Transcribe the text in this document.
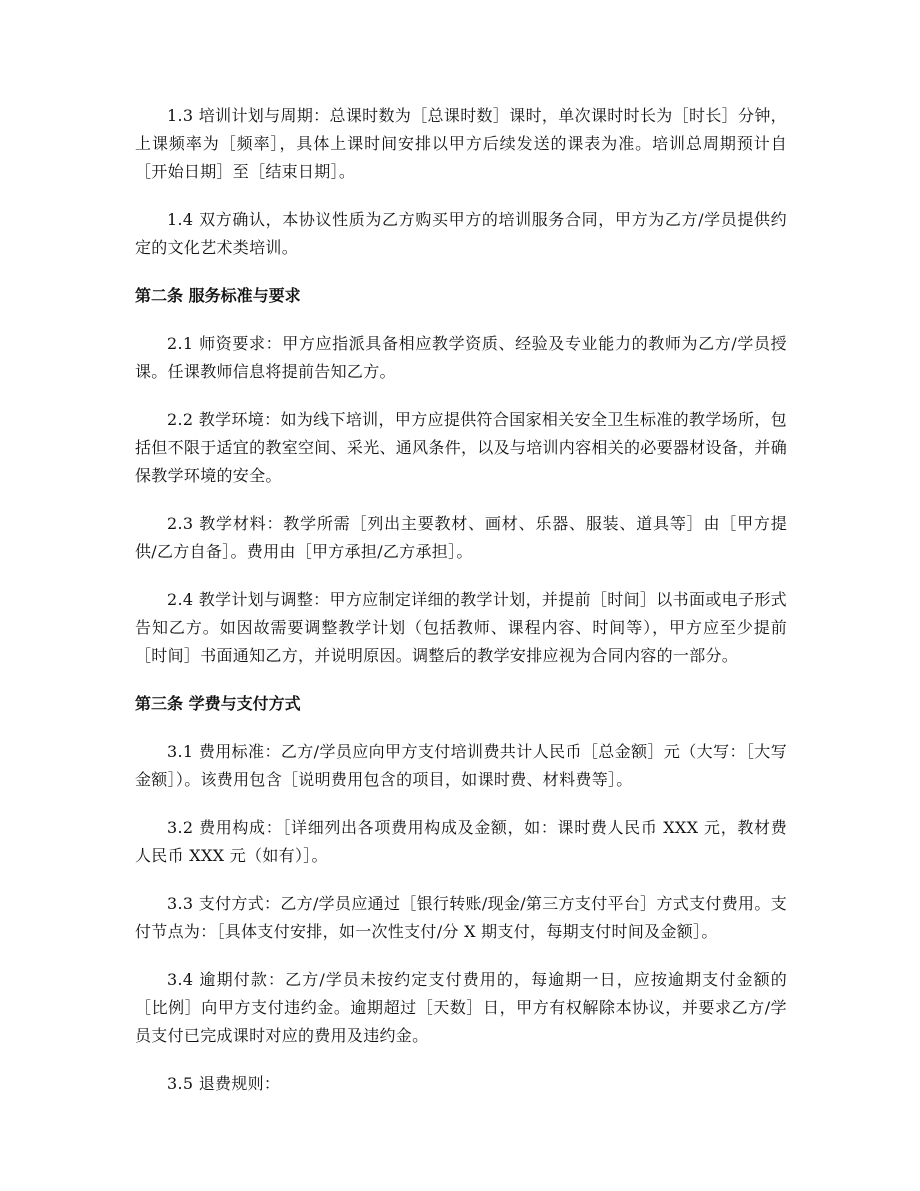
1.3 培训计划与周期：总课时数为［总课时数］课时，单次课时时长为［时长］分钟，上课频率为［频率］，具体上课时间安排以甲方后续发送的课表为准。培训总周期预计自［开始日期］至［结束日期］。

1.4 双方确认，本协议性质为乙方购买甲方的培训服务合同，甲方为乙方/学员提供约定的文化艺术类培训。

第二条 服务标准与要求

2.1 师资要求：甲方应指派具备相应教学资质、经验及专业能力的教师为乙方/学员授课。任课教师信息将提前告知乙方。

2.2 教学环境：如为线下培训，甲方应提供符合国家相关安全卫生标准的教学场所，包括但不限于适宜的教室空间、采光、通风条件，以及与培训内容相关的必要器材设备，并确保教学环境的安全。

2.3 教学材料：教学所需［列出主要教材、画材、乐器、服装、道具等］由［甲方提供/乙方自备］。费用由［甲方承担/乙方承担］。

2.4 教学计划与调整：甲方应制定详细的教学计划，并提前［时间］以书面或电子形式告知乙方。如因故需要调整教学计划（包括教师、课程内容、时间等），甲方应至少提前［时间］书面通知乙方，并说明原因。调整后的教学安排应视为合同内容的一部分。

第三条 学费与支付方式

3.1 费用标准：乙方/学员应向甲方支付培训费共计人民币［总金额］元（大写：［大写金额］）。该费用包含［说明费用包含的项目，如课时费、材料费等］。

3.2 费用构成：［详细列出各项费用构成及金额，如：课时费人民币 XXX 元，教材费人民币 XXX 元（如有）］。

3.3 支付方式：乙方/学员应通过［银行转账/现金/第三方支付平台］方式支付费用。支付节点为：［具体支付安排，如一次性支付/分 X 期支付，每期支付时间及金额］。

3.4 逾期付款：乙方/学员未按约定支付费用的，每逾期一日，应按逾期支付金额的［比例］向甲方支付违约金。逾期超过［天数］日，甲方有权解除本协议，并要求乙方/学员支付已完成课时对应的费用及违约金。

3.5 退费规则：
